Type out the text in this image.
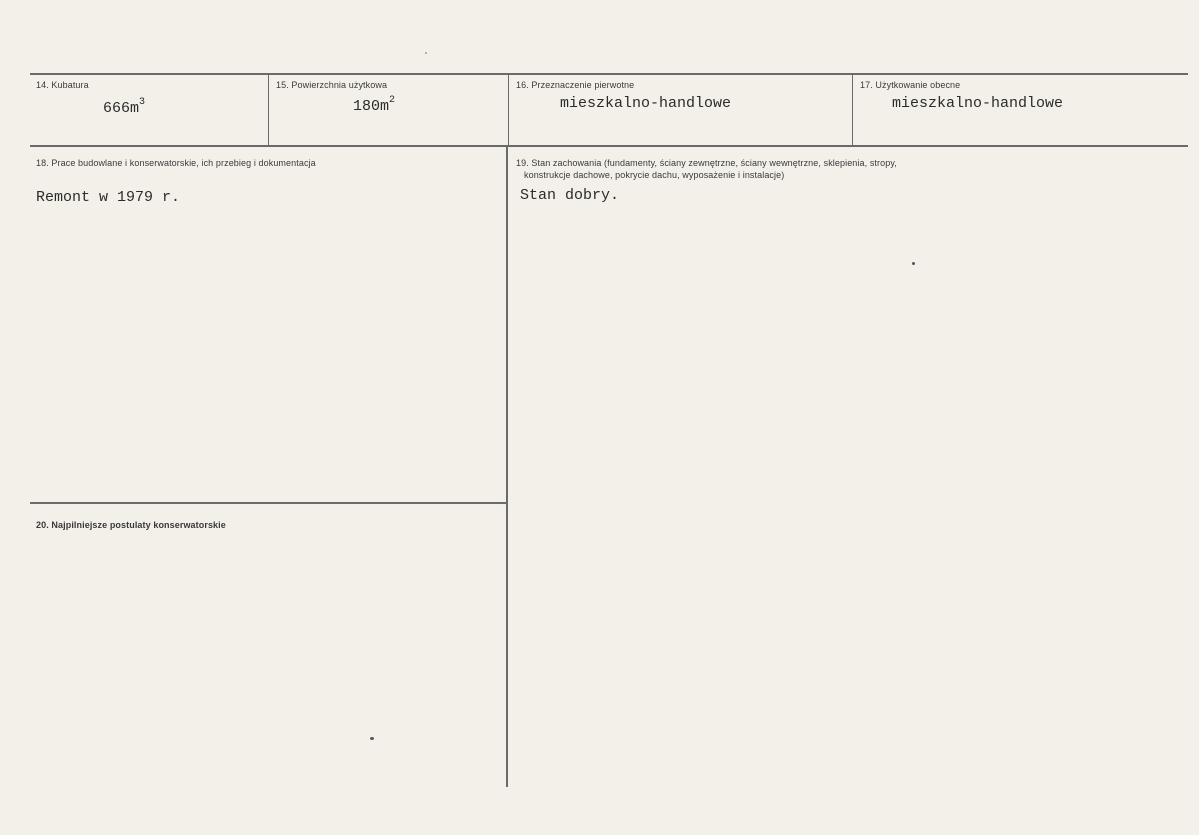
14. Kubatura
$666m^3$
15. Powierzchnia użytkowa
$180m^2$
16. Przeznaczenie pierwotne
mieszkalno-handlowe
17. Użytkowanie obecne
mieszkalno-handlowe
18. Prace budowlane i konserwatorskie, ich przebieg i dokumentacja
Remont w 1979 r.
19. Stan zachowania (fundamenty, ściany zewnętrzne, ściany wewnętrzne, sklepienia, stropy,
konstrukcje dachowe, pokrycie dachu, wyposażenie i instalacje)
Stan dobry.
20. Najpilniejsze postulaty konserwatorskie
